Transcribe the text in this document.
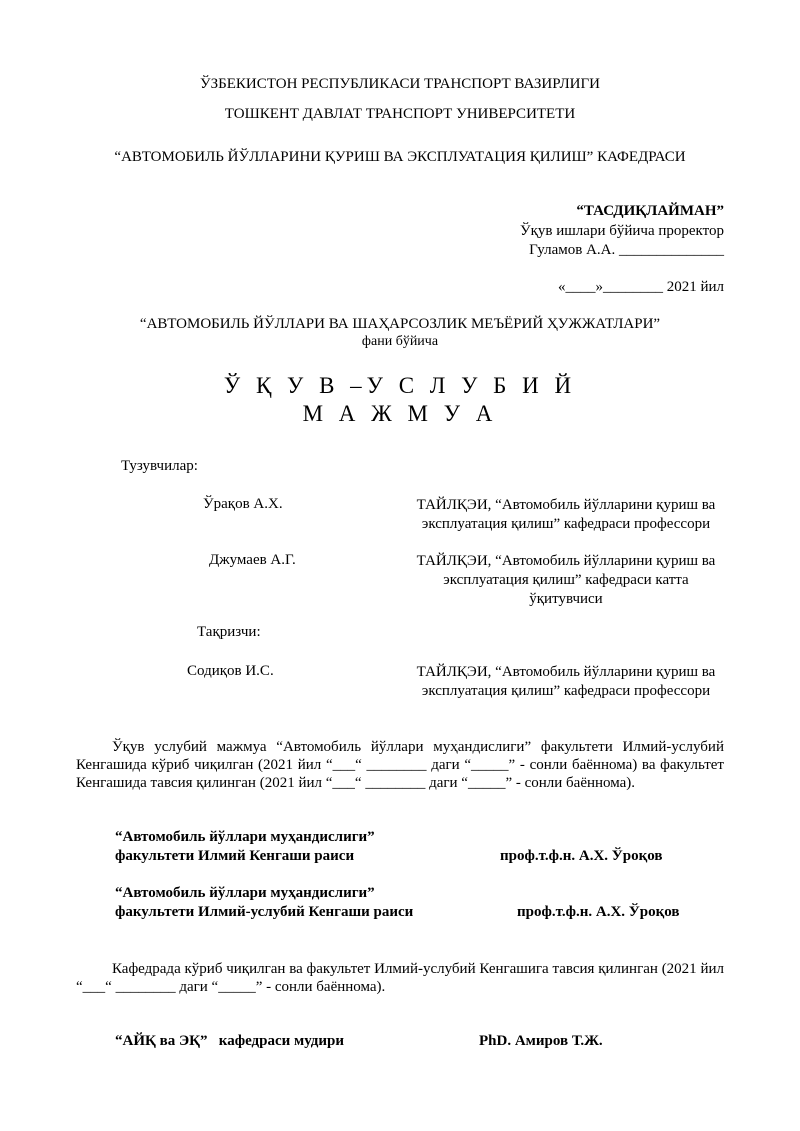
ЎЗБЕКИСТОН РЕСПУБЛИКАСИ ТРАНСПОРТ ВАЗИРЛИГИ
ТОШКЕНТ ДАВЛАТ ТРАНСПОРТ УНИВЕРСИТЕТИ
“АВТОМОБИЛЬ ЙЎЛЛАРИНИ ҚУРИШ ВА ЭКСПЛУАТАЦИЯ ҚИЛИШ” КАФЕДРАСИ
“ТАСДИҚЛАЙМАН”
Ўқув ишлари бўйича проректор
Гуламов А.А. ______________
«____»________ 2021 йил
“АВТОМОБИЛЬ ЙЎЛЛАРИ ВА ШАҲАРСОЗЛИК МЕЪЁРИЙ ҲУЖЖАТЛАРИ”
фани бўйича
Ў Қ У В –У С Л У Б И Й
М А Ж М У А
Тузувчилар:
Ўрақов А.Х.	ТАЙЛҚЭИ, “Автомобиль йўлларини қуриш ва эксплуатация қилиш” кафедраси профессори
Джумаев А.Г.	ТАЙЛҚЭИ, “Автомобиль йўлларини қуриш ва эксплуатация қилиш” кафедраси катта ўқитувчиси
Тақризчи:
Содиқов И.С.	ТАЙЛҚЭИ, “Автомобиль йўлларини қуриш ва эксплуатация қилиш” кафедраси профессори
Ўқув услубий мажмуа “Автомобиль йўллари муҳандислиги” факультети Илмий-услубий Кенгашида кўриб чиқилган (2021 йил “___“ ________ даги “_____” - сонли баённома) ва факультет Кенгашида тавсия қилинган (2021 йил “___“ ________ даги “_____” - сонли баённома).
“Автомобиль йўллари муҳандислиги”
факультети Илмий Кенгаши раиси	проф.т.ф.н. А.Х. Ўроқов
“Автомобиль йўллари муҳандислиги”
факультети Илмий-услубий Кенгаши раиси	проф.т.ф.н. А.Х. Ўроқов
Кафедрада кўриб чиқилган ва факультет Илмий-услубий Кенгашига тавсия қилинган (2021 йил “___“ ________ даги “_____” - сонли баённома).
“АЙҚ ва ЭҚ”   кафедраси мудири	PhD. Амиров Т.Ж.
